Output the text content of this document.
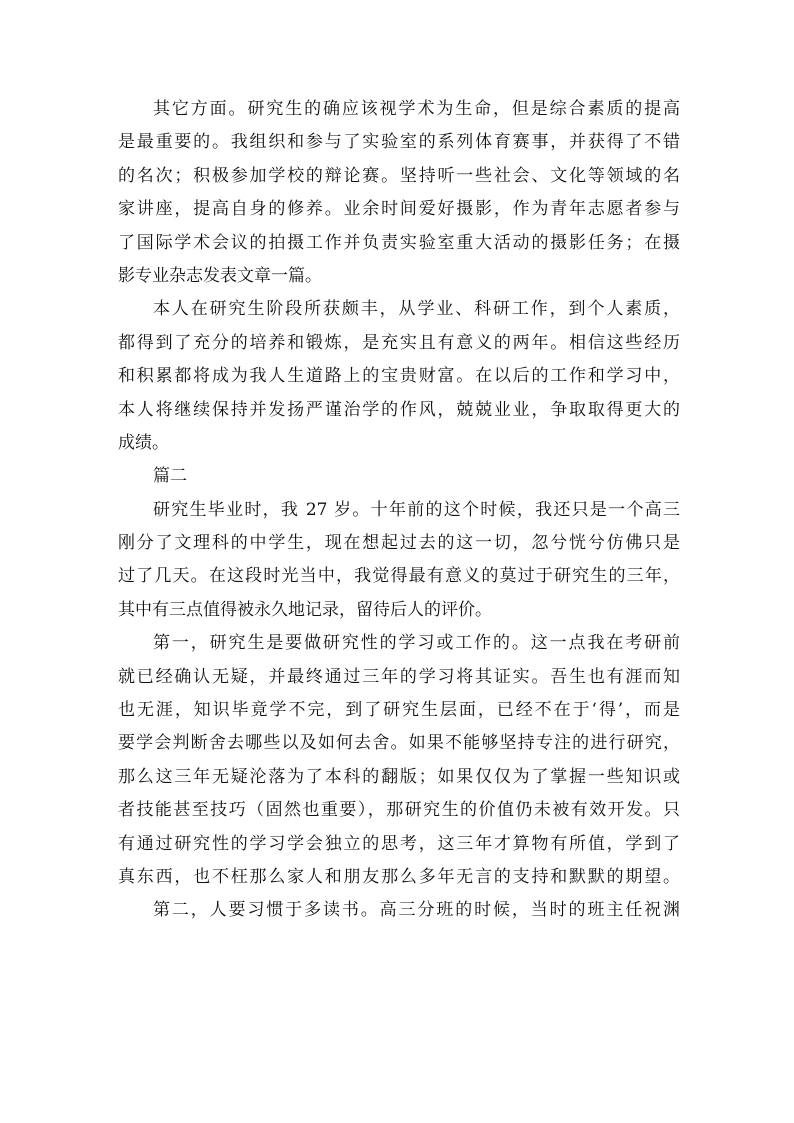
其它方面。研究生的确应该视学术为生命，但是综合素质的提高
是最重要的。我组织和参与了实验室的系列体育赛事，并获得了不错
的名次；积极参加学校的辩论赛。坚持听一些社会、文化等领域的名
家讲座，提高自身的修养。业余时间爱好摄影，作为青年志愿者参与
了国际学术会议的拍摄工作并负责实验室重大活动的摄影任务；在摄
影专业杂志发表文章一篇。
本人在研究生阶段所获颇丰，从学业、科研工作，到个人素质，
都得到了充分的培养和锻炼，是充实且有意义的两年。相信这些经历
和积累都将成为我人生道路上的宝贵财富。在以后的工作和学习中，
本人将继续保持并发扬严谨治学的作风，兢兢业业，争取取得更大的
成绩。
篇二
研究生毕业时，我 27 岁。十年前的这个时候，我还只是一个高三
刚分了文理科的中学生，现在想起过去的这一切，忽兮恍兮仿佛只是
过了几天。在这段时光当中，我觉得最有意义的莫过于研究生的三年，
其中有三点值得被永久地记录，留待后人的评价。
第一，研究生是要做研究性的学习或工作的。这一点我在考研前
就已经确认无疑，并最终通过三年的学习将其证实。吾生也有涯而知
也无涯，知识毕竟学不完，到了研究生层面，已经不在于‘得’，而是
要学会判断舍去哪些以及如何去舍。如果不能够坚持专注的进行研究，
那么这三年无疑沦落为了本科的翻版；如果仅仅为了掌握一些知识或
者技能甚至技巧（固然也重要），那研究生的价值仍未被有效开发。只
有通过研究性的学习学会独立的思考，这三年才算物有所值，学到了
真东西，也不枉那么家人和朋友那么多年无言的支持和默默的期望。
第二，人要习惯于多读书。高三分班的时候，当时的班主任祝渊
